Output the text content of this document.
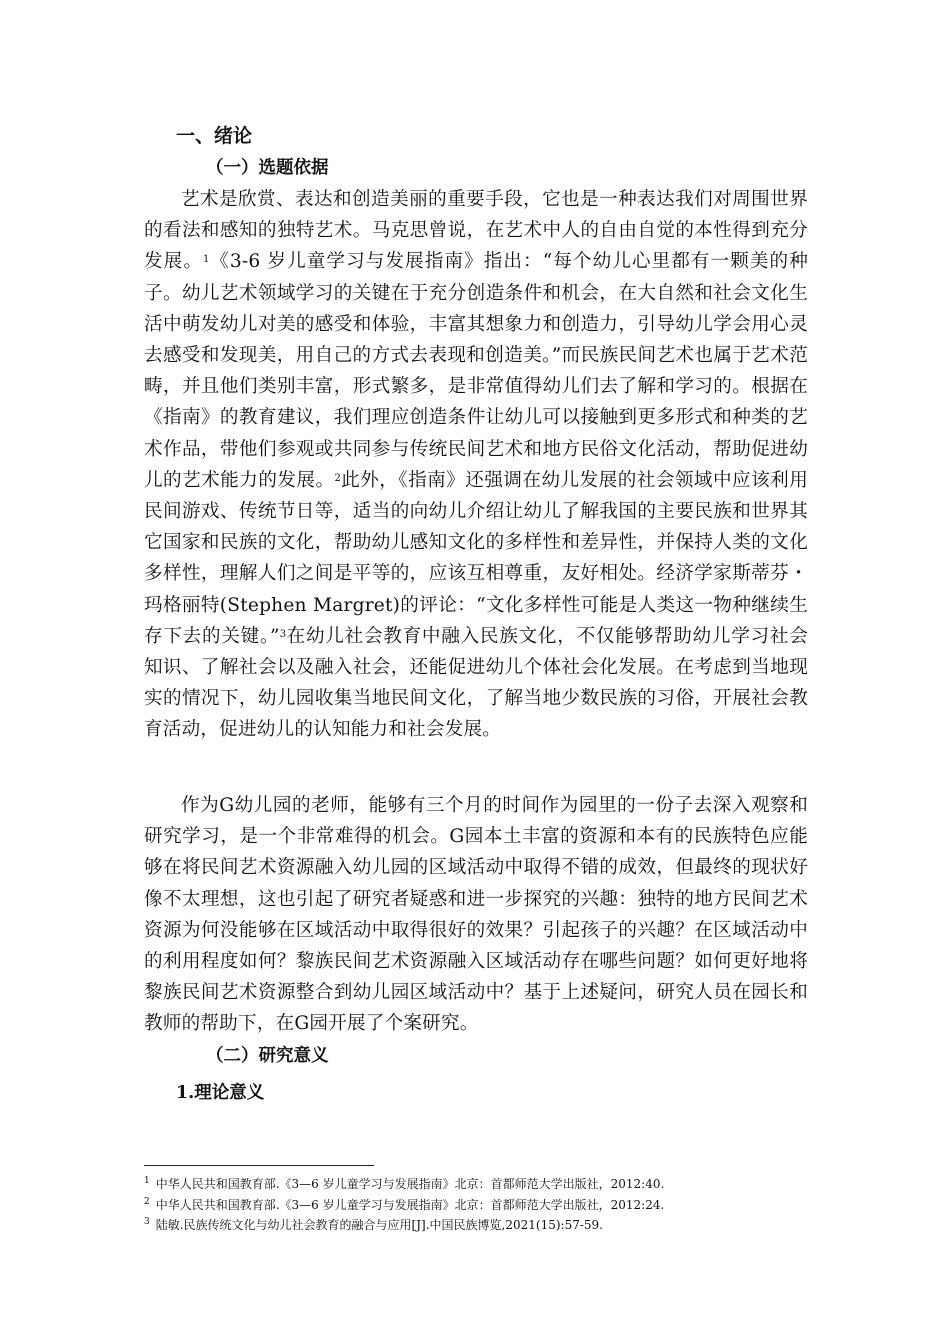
一、绪论
（一）选题依据

艺术是欣赏、表达和创造美丽的重要手段，它也是一种表达我们对周围世界的看法和感知的独特艺术。马克思曾说，在艺术中人的自由自觉的本性得到充分发展。$^1$《3-6 岁儿童学习与发展指南》指出：“每个幼儿心里都有一颗美的种子。幼儿艺术领域学习的关键在于充分创造条件和机会，在大自然和社会文化生活中萌发幼儿对美的感受和体验，丰富其想象力和创造力，引导幼儿学会用心灵去感受和发现美，用自己的方式去表现和创造美。”而民族民间艺术也属于艺术范畴，并且他们类别丰富，形式繁多，是非常值得幼儿们去了解和学习的。根据在《指南》的教育建议，我们理应创造条件让幼儿可以接触到更多形式和种类的艺术作品，带他们参观或共同参与传统民间艺术和地方民俗文化活动，帮助促进幼儿的艺术能力的发展。$^2$此外，《指南》还强调在幼儿发展的社会领域中应该利用民间游戏、传统节日等，适当的向幼儿介绍让幼儿了解我国的主要民族和世界其它国家和民族的文化，帮助幼儿感知文化的多样性和差异性，并保持人类的文化多样性，理解人们之间是平等的，应该互相尊重，友好相处。经济学家斯蒂芬・玛格丽特(Stephen Margret)的评论：“文化多样性可能是人类这一物种继续生存下去的关键。”$^3$在幼儿社会教育中融入民族文化，不仅能够帮助幼儿学习社会知识、了解社会以及融入社会，还能促进幼儿个体社会化发展。在考虑到当地现实的情况下，幼儿园收集当地民间文化，了解当地少数民族的习俗，开展社会教育活动，促进幼儿的认知能力和社会发展。

作为G幼儿园的老师，能够有三个月的时间作为园里的一份子去深入观察和研究学习，是一个非常难得的机会。G园本土丰富的资源和本有的民族特色应能够在将民间艺术资源融入幼儿园的区域活动中取得不错的成效，但最终的现状好像不太理想，这也引起了研究者疑惑和进一步探究的兴趣：独特的地方民间艺术资源为何没能够在区域活动中取得很好的效果？引起孩子的兴趣？在区域活动中的利用程度如何？黎族民间艺术资源融入区域活动存在哪些问题？如何更好地将黎族民间艺术资源整合到幼儿园区域活动中？基于上述疑问，研究人员在园长和教师的帮助下，在G园开展了个案研究。

（二）研究意义
1.理论意义

$^1$ 中华人民共和国教育部.《3—6 岁儿童学习与发展指南》北京：首都师范大学出版社，2012:40.

$^2$ 中华人民共和国教育部.《3—6 岁儿童学习与发展指南》北京：首都师范大学出版社，2012:24.

$^3$ 陆敏.民族传统文化与幼儿社会教育的融合与应用[J].中国民族博览,2021(15):57-59.
